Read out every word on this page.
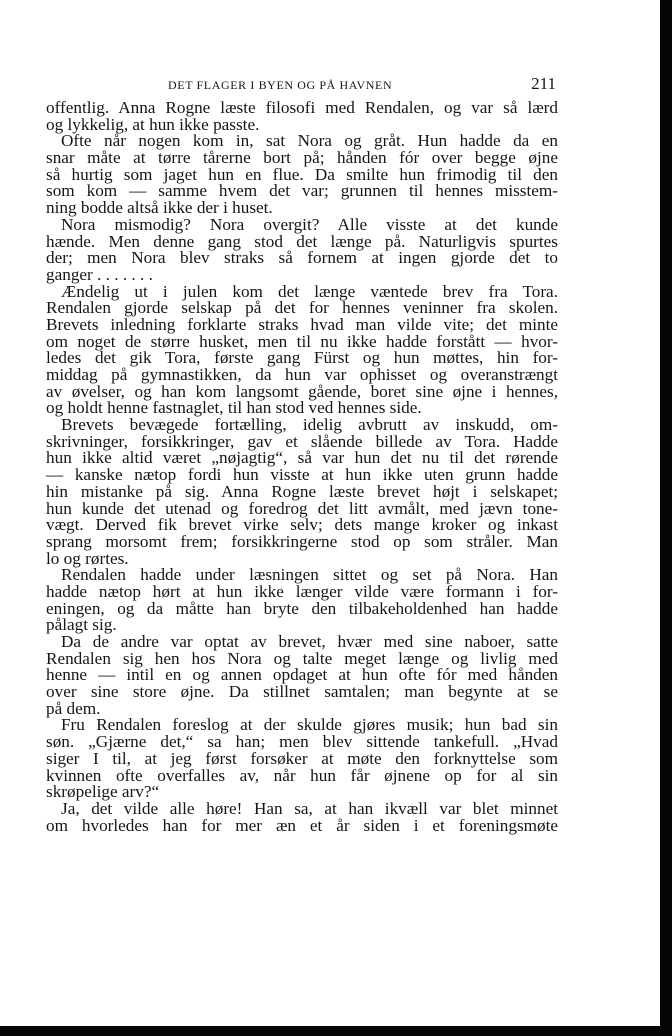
DET FLAGER I BYEN OG PÅ HAVNEN	211
offentlig. Anna Rogne læste filosofi med Rendalen, og var så lærd
og lykkelig, at hun ikke passte.
Ofte når nogen kom in, sat Nora og gråt. Hun hadde da en
snar måte at tørre tårerne bort på; hånden fór over begge øjne
så hurtig som jaget hun en flue. Da smilte hun frimodig til den
som kom — samme hvem det var; grunnen til hennes misstem-
ning bodde altså ikke der i huset.
Nora mismodig? Nora overgit? Alle visste at det kunde
hænde. Men denne gang stod det længe på. Naturligvis spurtes
der; men Nora blev straks så fornem at ingen gjorde det to
ganger . . . . . . .
Ændelig ut i julen kom det længe væntede brev fra Tora.
Rendalen gjorde selskap på det for hennes veninner fra skolen.
Brevets inledning forklarte straks hvad man vilde vite; det minte
om noget de større husket, men til nu ikke hadde forstått — hvor-
ledes det gik Tora, første gang Fürst og hun møttes, hin for-
middag på gymnastikken, da hun var ophisset og overanstrængt
av øvelser, og han kom langsomt gående, boret sine øjne i hennes,
og holdt henne fastnaglet, til han stod ved hennes side.
Brevets bevægede fortælling, idelig avbrutt av inskudd, om-
skrivninger, forsikkringer, gav et slående billede av Tora. Hadde
hun ikke altid været „nøjagtig“, så var hun det nu til det rørende
— kanske nætop fordi hun visste at hun ikke uten grunn hadde
hin mistanke på sig. Anna Rogne læste brevet højt i selskapet;
hun kunde det utenad og foredrog det litt avmålt, med jævn tone-
vægt. Derved fik brevet virke selv; dets mange kroker og inkast
sprang morsomt frem; forsikkringerne stod op som stråler. Man
lo og rørtes.
Rendalen hadde under læsningen sittet og set på Nora. Han
hadde nætop hørt at hun ikke længer vilde være formann i for-
eningen, og da måtte han bryte den tilbakeholdenhed han hadde
pålagt sig.
Da de andre var optat av brevet, hvær med sine naboer, satte
Rendalen sig hen hos Nora og talte meget længe og livlig med
henne — intil en og annen opdaget at hun ofte fór med hånden
over sine store øjne. Da stillnet samtalen; man begynte at se
på dem.
Fru Rendalen foreslog at der skulde gjøres musik; hun bad sin
søn. „Gjærne det,“ sa han; men blev sittende tankefull. „Hvad
siger I til, at jeg først forsøker at møte den forknyttelse som
kvinnen ofte overfalles av, når hun får øjnene op for al sin
skrøpelige arv?“
Ja, det vilde alle høre! Han sa, at han ikvæll var blet minnet
om hvorledes han for mer æn et år siden i et foreningsmøte
